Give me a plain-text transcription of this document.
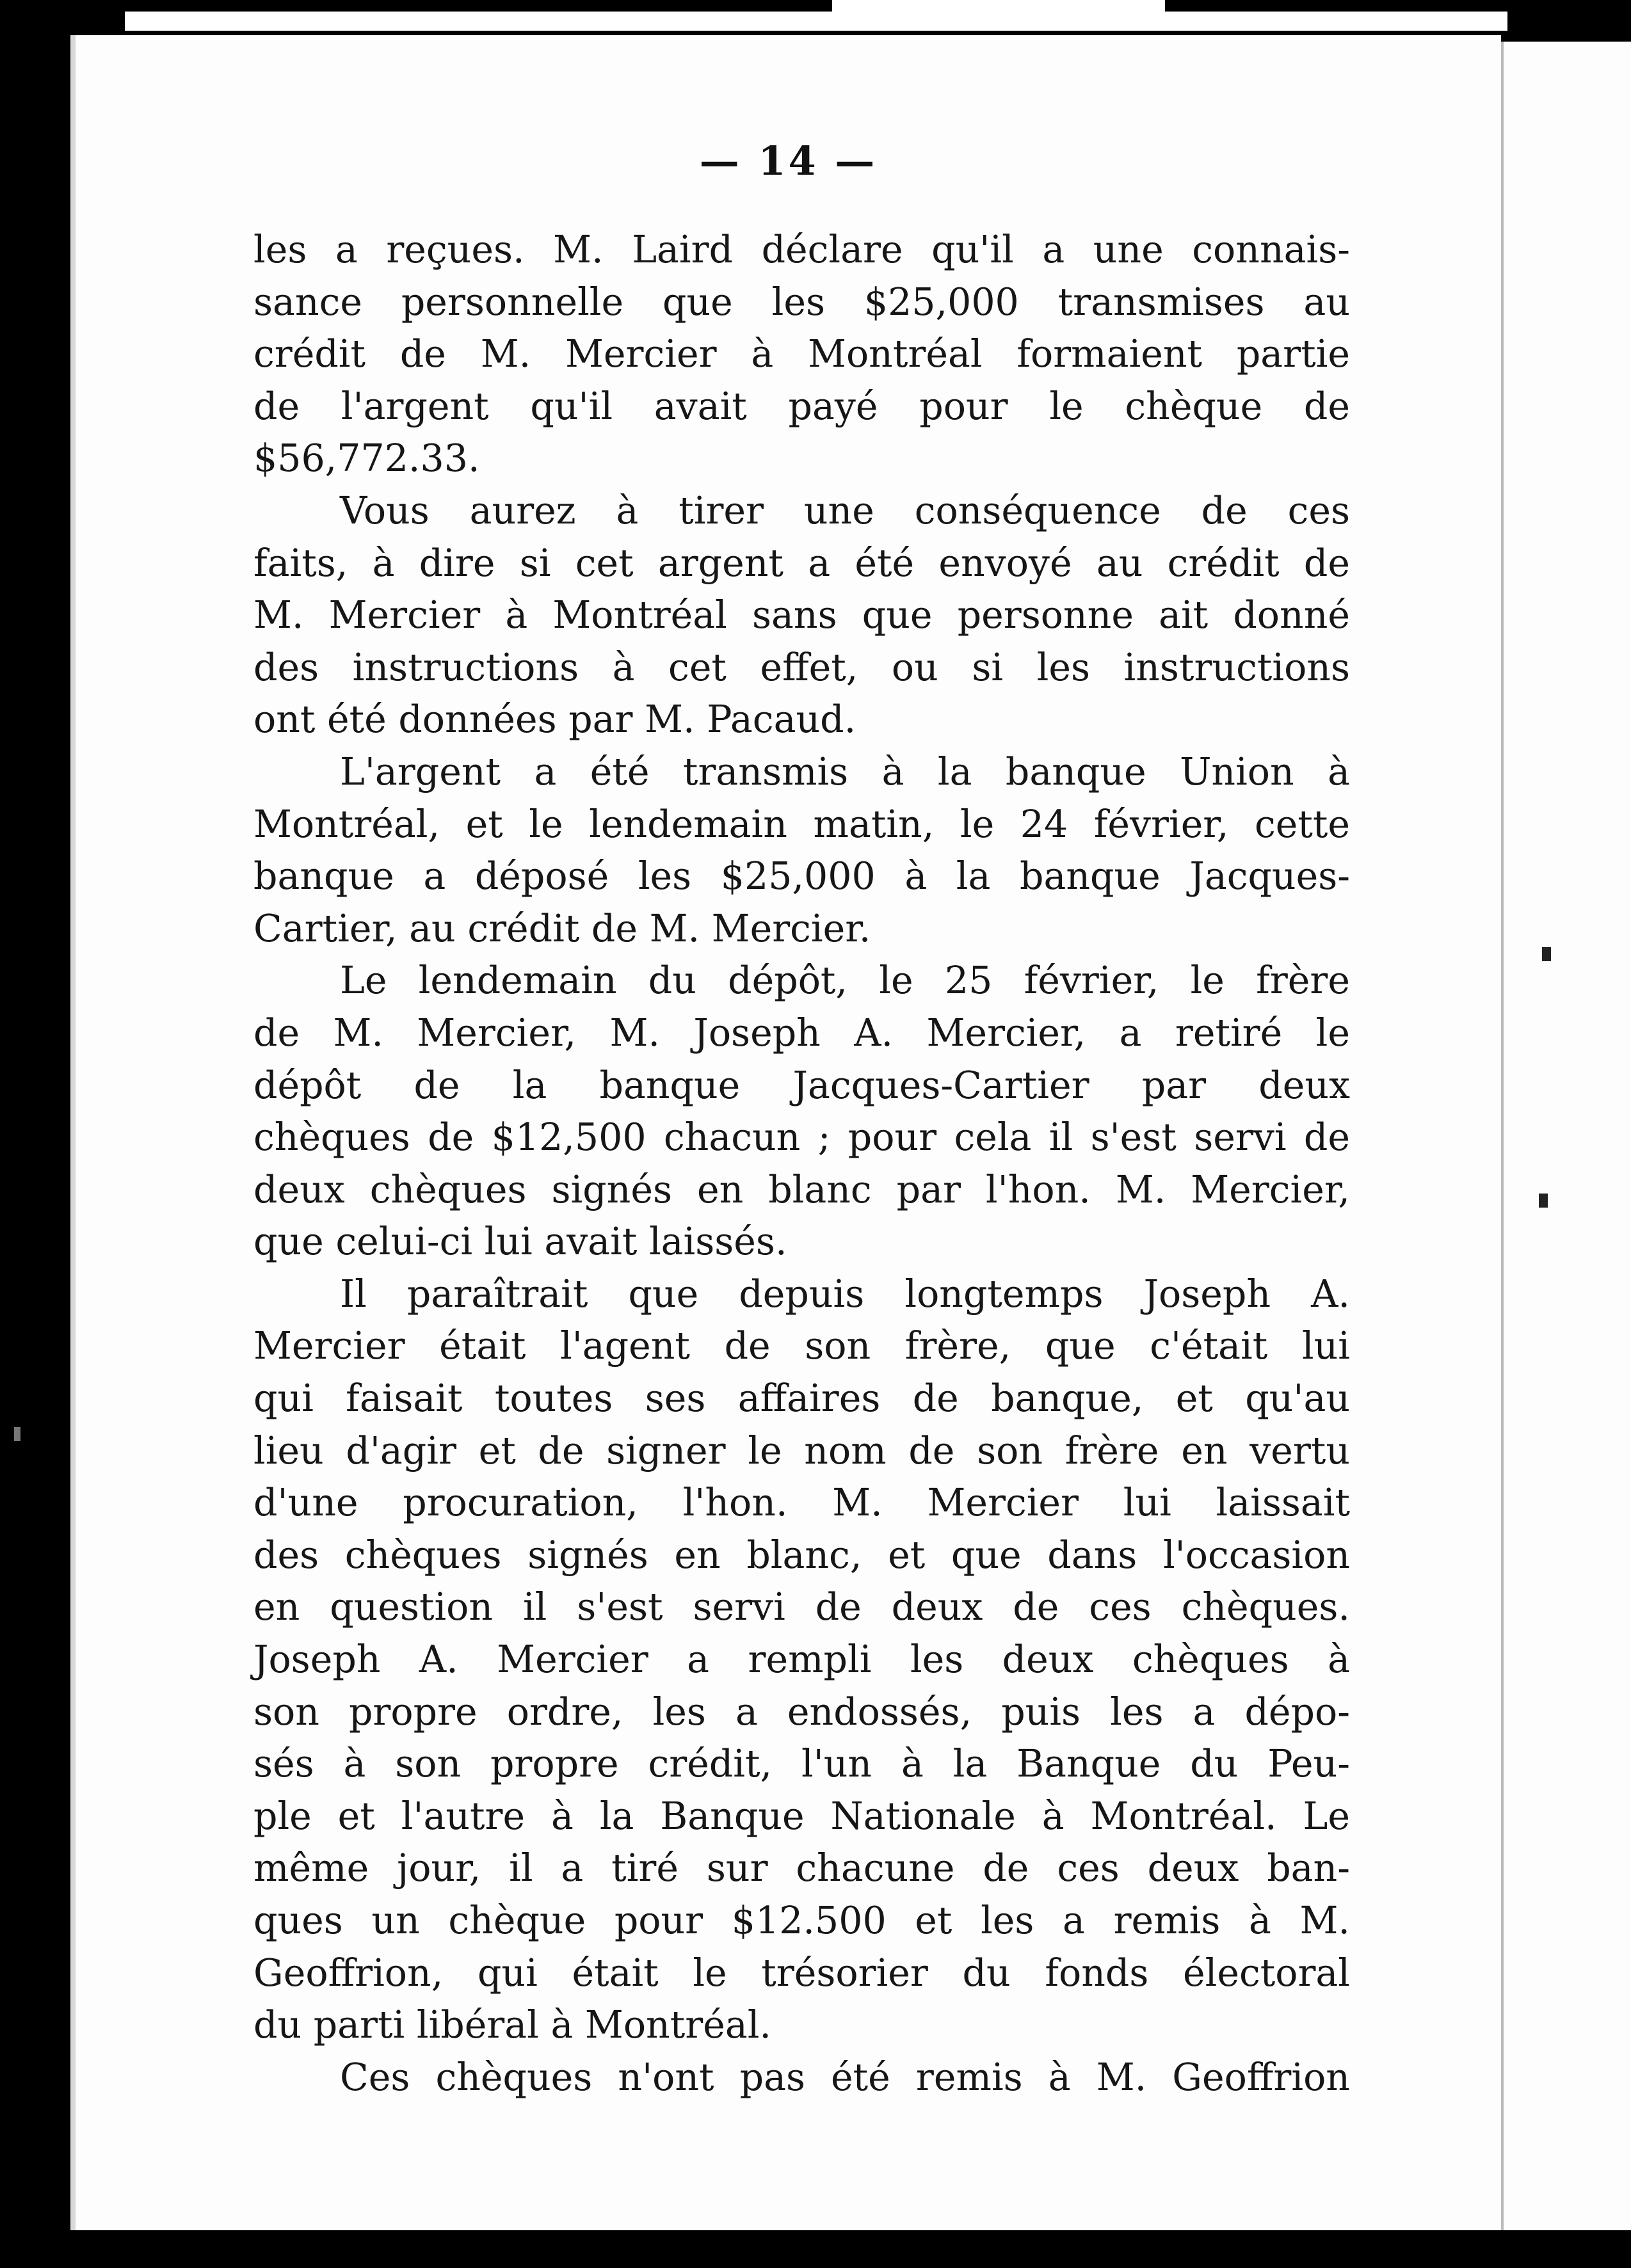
— 14 —
les a reçues. M. Laird déclare qu'il a une connais-
sance personnelle que les $25,000 transmises au
crédit de M. Mercier à Montréal formaient partie
de l'argent qu'il avait payé pour le chèque de
$56,772.33.
Vous aurez à tirer une conséquence de ces
faits, à dire si cet argent a été envoyé au crédit de
M. Mercier à Montréal sans que personne ait donné
des instructions à cet effet, ou si les instructions
ont été données par M. Pacaud.
L'argent a été transmis à la banque Union à
Montréal, et le lendemain matin, le 24 février, cette
banque a déposé les $25,000 à la banque Jacques-
Cartier, au crédit de M. Mercier.
Le lendemain du dépôt, le 25 février, le frère
de M. Mercier, M. Joseph A. Mercier, a retiré le
dépôt de la banque Jacques-Cartier par deux
chèques de $12,500 chacun ; pour cela il s'est servi de
deux chèques signés en blanc par l'hon. M. Mercier,
que celui-ci lui avait laissés.
Il paraîtrait que depuis longtemps Joseph A.
Mercier était l'agent de son frère, que c'était lui
qui faisait toutes ses affaires de banque, et qu'au
lieu d'agir et de signer le nom de son frère en vertu
d'une procuration, l'hon. M. Mercier lui laissait
des chèques signés en blanc, et que dans l'occasion
en question il s'est servi de deux de ces chèques.
Joseph A. Mercier a rempli les deux chèques à
son propre ordre, les a endossés, puis les a dépo-
sés à son propre crédit, l'un à la Banque du Peu-
ple et l'autre à la Banque Nationale à Montréal. Le
même jour, il a tiré sur chacune de ces deux ban-
ques un chèque pour $12.500 et les a remis à M.
Geoffrion, qui était le trésorier du fonds électoral
du parti libéral à Montréal.
Ces chèques n'ont pas été remis à M. Geoffrion
